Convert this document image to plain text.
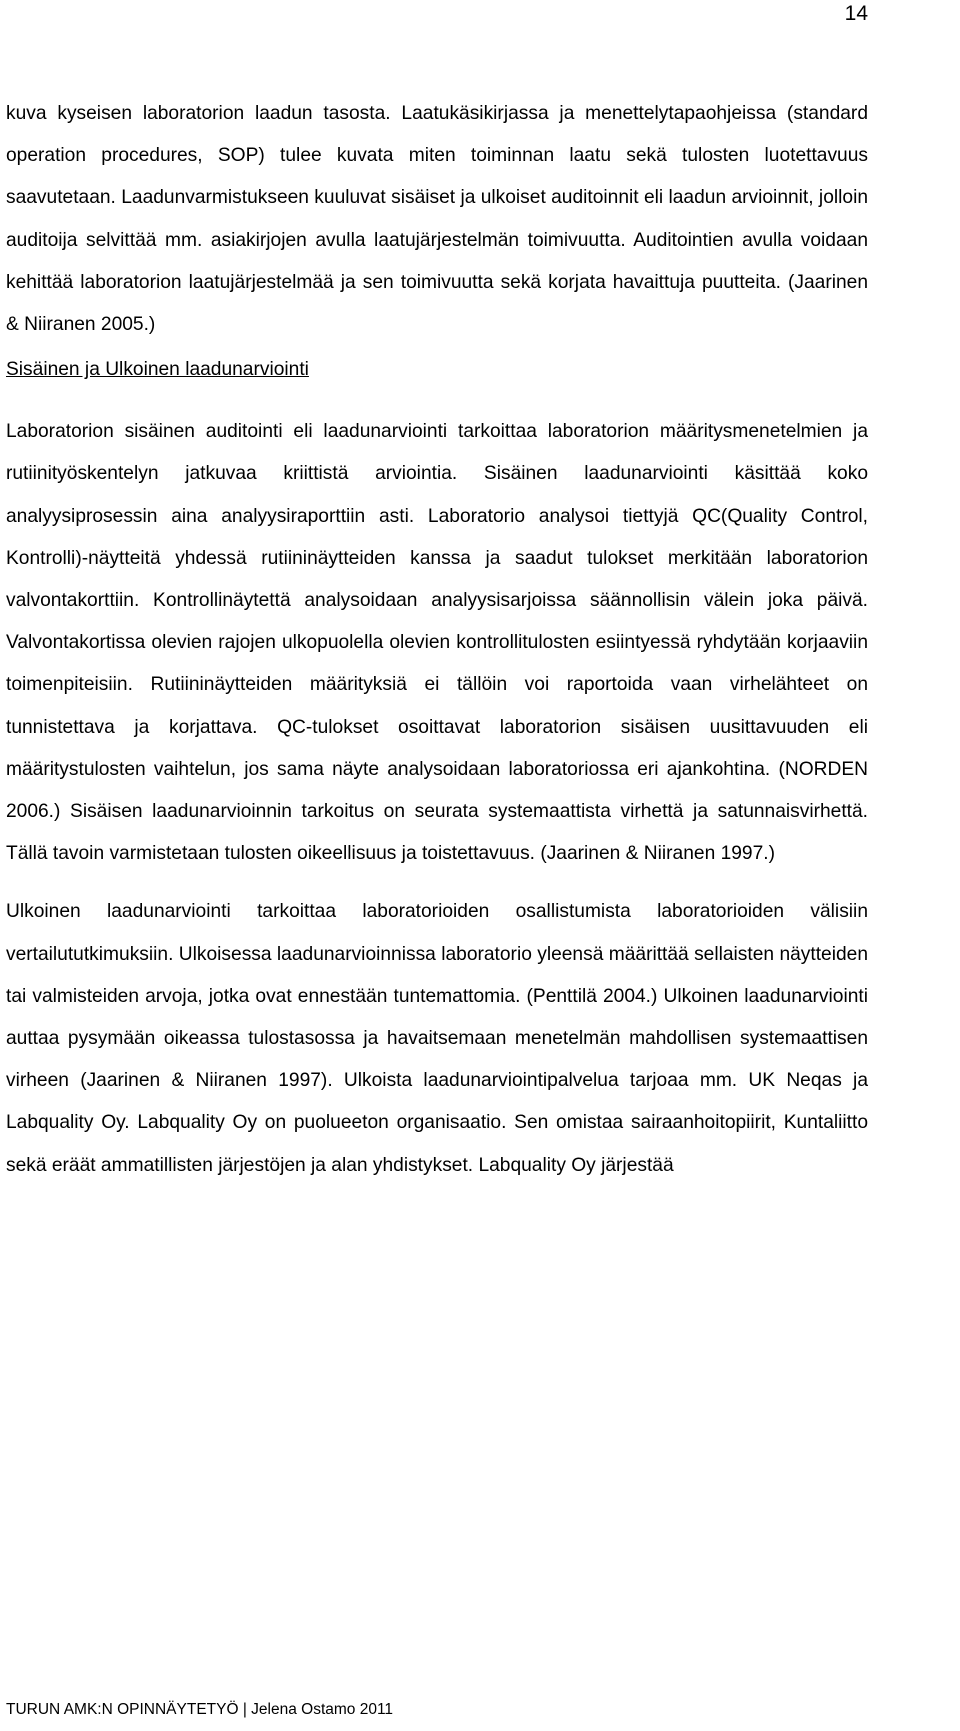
14

kuva kyseisen laboratorion laadun tasosta. Laatukäsikirjassa ja menettelytapaohjeissa (standard operation procedures, SOP) tulee kuvata miten toiminnan laatu sekä tulosten luotettavuus saavutetaan. Laadunvarmistukseen kuuluvat sisäiset ja ulkoiset auditoinnit eli laadun arvioinnit, jolloin auditoija selvittää mm. asiakirjojen avulla laatujärjestelmän toimivuutta. Auditointien avulla voidaan kehittää laboratorion laatujärjestelmää ja sen toimivuutta sekä korjata havaittuja puutteita. (Jaarinen & Niiranen 2005.)

Sisäinen ja Ulkoinen laadunarviointi

Laboratorion sisäinen auditointi eli laadunarviointi tarkoittaa laboratorion määritysmenetelmien ja rutiinityöskentelyn jatkuvaa kriittistä arviointia. Sisäinen laadunarviointi käsittää koko analyysiprosessin aina analyysiraporttiin asti. Laboratorio analysoi tiettyjä QC(Quality Control, Kontrolli)-näytteitä yhdessä rutiininäytteiden kanssa ja saadut tulokset merkitään laboratorion valvontakorttiin. Kontrollinäytettä analysoidaan analyysisarjoissa säännollisin välein joka päivä. Valvontakortissa olevien rajojen ulkopuolella olevien kontrollitulosten esiintyessä ryhdytään korjaaviin toimenpiteisiin. Rutiininäytteiden määrityksiä ei tällöin voi raportoida vaan virhelähteet on tunnistettava ja korjattava. QC-tulokset osoittavat laboratorion sisäisen uusittavuuden eli määritystulosten vaihtelun, jos sama näyte analysoidaan laboratoriossa eri ajankohtina. (NORDEN 2006.) Sisäisen laadunarvioinnin tarkoitus on seurata systemaattista virhettä ja satunnaisvirhettä. Tällä tavoin varmistetaan tulosten oikeellisuus ja toistettavuus. (Jaarinen & Niiranen 1997.)

Ulkoinen laadunarviointi tarkoittaa laboratorioiden osallistumista laboratorioiden välisiin vertailututkimuksiin. Ulkoisessa laadunarvioinnissa laboratorio yleensä määrittää sellaisten näytteiden tai valmisteiden arvoja, jotka ovat ennestään tuntemattomia. (Penttilä 2004.) Ulkoinen laadunarviointi auttaa pysymään oikeassa tulostasossa ja havaitsemaan menetelmän mahdollisen systemaattisen virheen (Jaarinen & Niiranen 1997). Ulkoista laadunarviointipalvelua tarjoaa mm. UK Neqas ja Labquality Oy. Labquality Oy on puolueeton organisaatio. Sen omistaa sairaanhoitopiirit, Kuntaliitto sekä eräät ammatillisten järjestöjen ja alan yhdistykset. Labquality Oy järjestää

TURUN AMK:N OPINNÄYTETYÖ | Jelena Ostamo 2011
